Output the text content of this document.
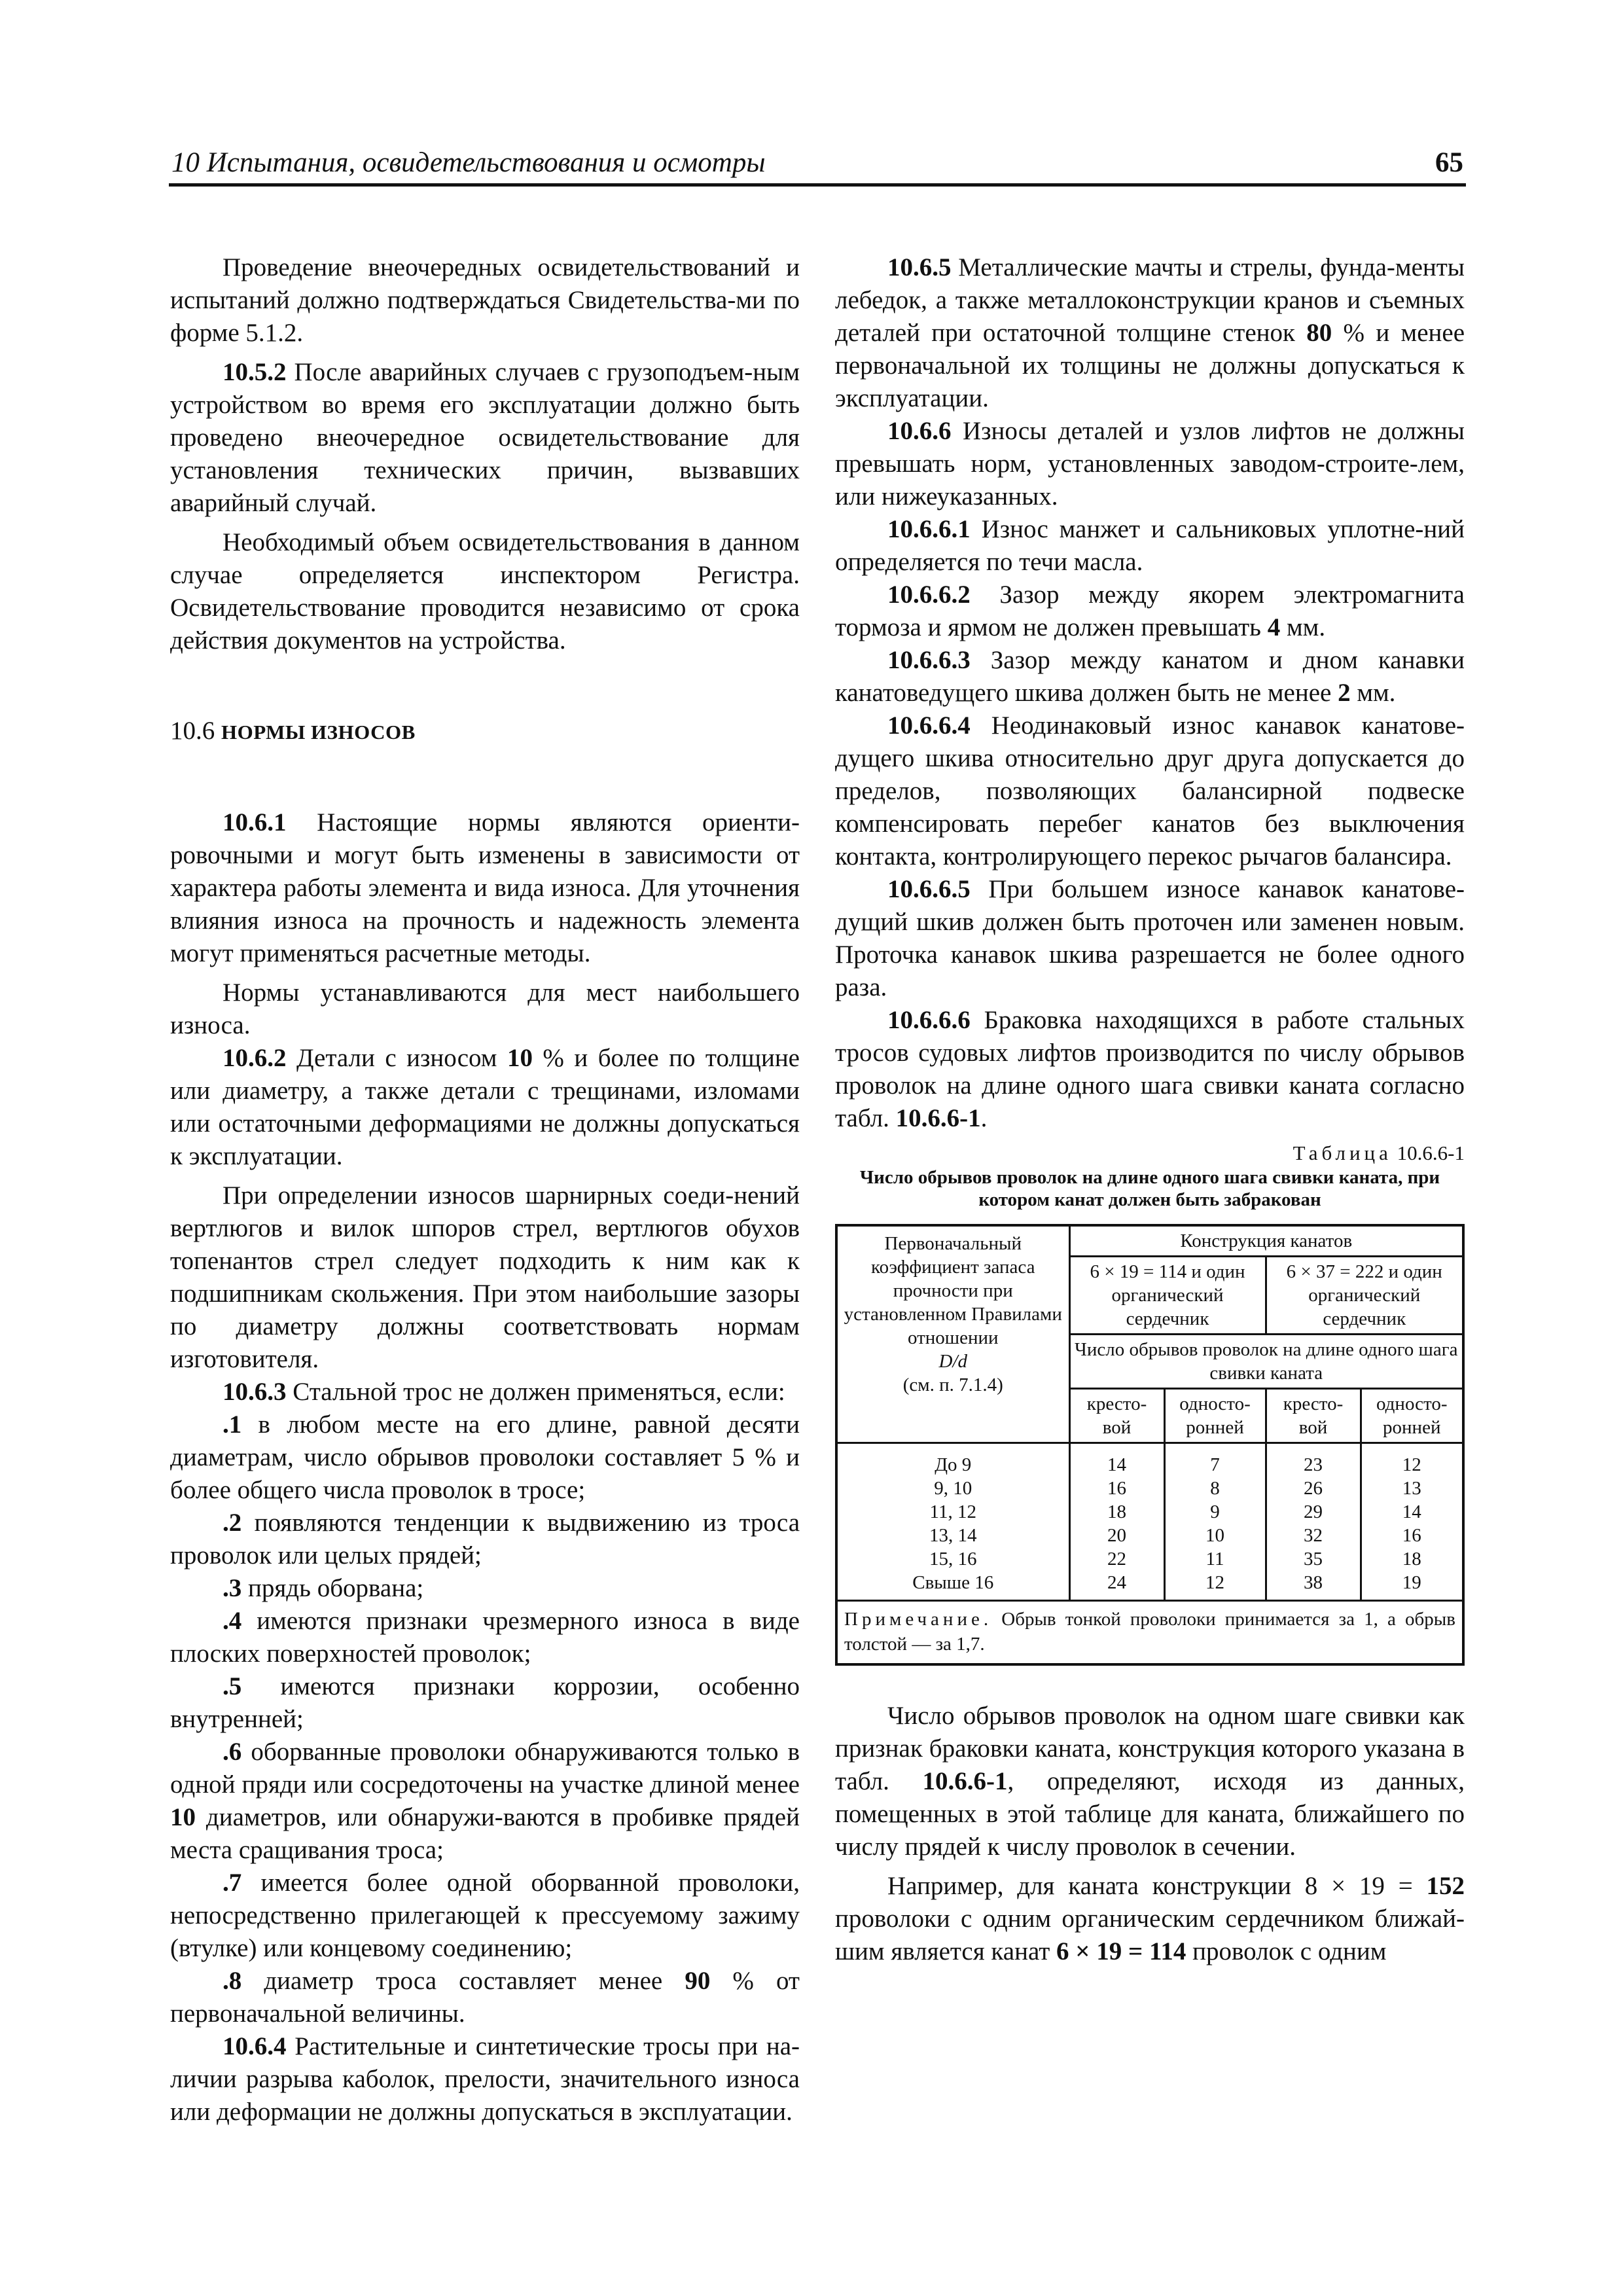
10 Испытания, освидетельствования и осмотры	65

Проведение внеочередных освидетельствований и испытаний должно подтверждаться Свидетельства-ми по форме 5.1.2.

10.5.2 После аварийных случаев с грузоподъем-ным устройством во время его эксплуатации должно быть проведено внеочередное освидетельствование для установления технических причин, вызвавших аварийный случай.

Необходимый объем освидетельствования в данном случае определяется инспектором Регистра. Освидетельствование проводится независимо от срока действия документов на устройства.

10.6 НОРМЫ ИЗНОСОВ

10.6.1 Настоящие нормы являются ориенти-ровочными и могут быть изменены в зависимости от характера работы элемента и вида износа. Для уточнения влияния износа на прочность и надежность элемента могут применяться расчетные методы.

Нормы устанавливаются для мест наибольшего износа.

10.6.2 Детали с износом 10 % и более по толщине или диаметру, а также детали с трещинами, изломами или остаточными деформациями не должны допускаться к эксплуатации.

При определении износов шарнирных соеди-нений вертлюгов и вилок шпоров стрел, вертлюгов обухов топенантов стрел следует подходить к ним как к подшипникам скольжения. При этом наибольшие зазоры по диаметру должны соответствовать нормам изготовителя.

10.6.3 Стальной трос не должен применяться, если:

.1 в любом месте на его длине, равной десяти диаметрам, число обрывов проволоки составляет 5 % и более общего числа проволок в тросе;

.2 появляются тенденции к выдвижению из троса проволок или целых прядей;

.3 прядь оборвана;

.4 имеются признаки чрезмерного износа в виде плоских поверхностей проволок;

.5 имеются признаки коррозии, особенно внутренней;

.6 оборванные проволоки обнаруживаются только в одной пряди или сосредоточены на участке длиной менее 10 диаметров, или обнаружи-ваются в пробивке прядей места сращивания троса;

.7 имеется более одной оборванной проволоки, непосредственно прилегающей к прессуемому зажиму (втулке) или концевому соединению;

.8 диаметр троса составляет менее 90 % от первоначальной величины.

10.6.4 Растительные и синтетические тросы при на-личии разрыва каболок, прелости, значительного износа или деформации не должны допускаться в эксплуатации.

10.6.5 Металлические мачты и стрелы, фунда-менты лебедок, а также металлоконструкции кранов и съемных деталей при остаточной толщине стенок 80 % и менее первоначальной их толщины не должны допускаться к эксплуатации.

10.6.6 Износы деталей и узлов лифтов не должны превышать норм, установленных заводом-строите-лем, или нижеуказанных.

10.6.6.1 Износ манжет и сальниковых уплотне-ний определяется по течи масла.

10.6.6.2 Зазор между якорем электромагнита тормоза и ярмом не должен превышать 4 мм.

10.6.6.3 Зазор между канатом и дном канавки канатоведущего шкива должен быть не менее 2 мм.

10.6.6.4 Неодинаковый износ канавок канатове-дущего шкива относительно друг друга допускается до пределов, позволяющих балансирной подвеске компенсировать перебег канатов без выключения контакта, контролирующего перекос рычагов балансира.

10.6.6.5 При большем износе канавок канатове-дущий шкив должен быть проточен или заменен новым. Проточка канавок шкива разрешается не более одного раза.

10.6.6.6 Браковка находящихся в работе стальных тросов судовых лифтов производится по числу обрывов проволок на длине одного шага свивки каната согласно табл. 10.6.6-1.

Таблица 10.6.6-1
Число обрывов проволок на длине одного шага свивки каната, при котором канат должен быть забракован
Первоначальный коэффициент запаса прочности при установленном Правилами отношении
D/d
(см. п. 7.1.4)	Конструкция канатов			
	6 × 19 = 114 и один органический сердечник		6 × 37 = 222 и один органический сердечник	
	Число обрывов проволок на длине одного шага свивки каната			
	кресто-вой	односто-ронней	кресто-вой	односто-ронней
До 9	14	7	23	12
9, 10	16	8	26	13
11, 12	18	9	29	14
13, 14	20	10	32	16
15, 16	22	11	35	18
Свыше 16	24	12	38	19
Примечание. Обрыв тонкой проволоки принимается за 1, а обрыв толстой — за 1,7.

Число обрывов проволок на одном шаге свивки как признак браковки каната, конструкция которого указана в табл. 10.6.6-1, определяют, исходя из данных, помещенных в этой таблице для каната, ближайшего по числу прядей к числу проволок в сечении.

Например, для каната конструкции 8 × 19 = 152 проволоки с одним органическим сердечником ближай-шим является канат 6 × 19 = 114 проволок с одним
